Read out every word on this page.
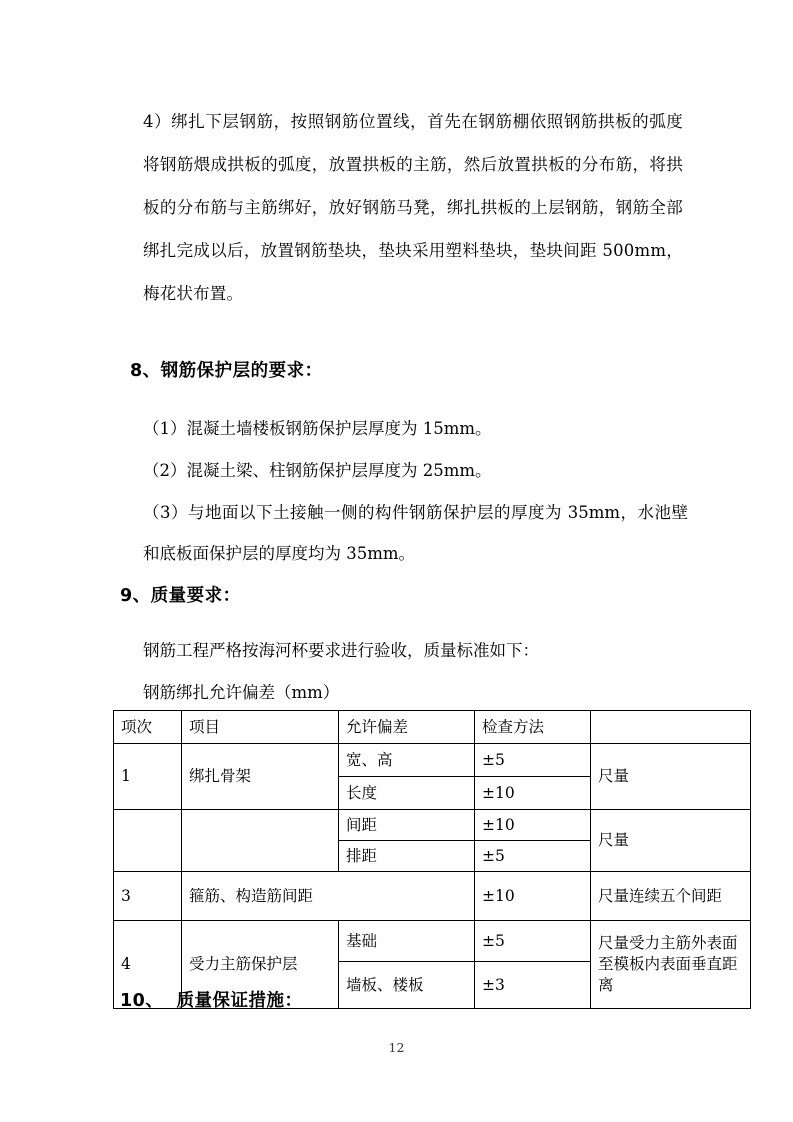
4）绑扎下层钢筋，按照钢筋位置线，首先在钢筋棚依照钢筋拱板的弧度将钢筋煨成拱板的弧度，放置拱板的主筋，然后放置拱板的分布筋，将拱板的分布筋与主筋绑好，放好钢筋马凳，绑扎拱板的上层钢筋，钢筋全部绑扎完成以后，放置钢筋垫块，垫块采用塑料垫块，垫块间距 500mm，梅花状布置。
8、钢筋保护层的要求：
（1）混凝土墙楼板钢筋保护层厚度为 15mm。
（2）混凝土梁、柱钢筋保护层厚度为 25mm。
（3）与地面以下土接触一侧的构件钢筋保护层的厚度为 35mm，水池壁和底板面保护层的厚度均为 35mm。
9、质量要求：
钢筋工程严格按海河杯要求进行验收，质量标准如下：
钢筋绑扎允许偏差（mm）
项次	项目	允许偏差	检查方法	
1	绑扎骨架	宽、高	±5	尺量
		长度	±10	
		间距	±10	尺量
		排距	±5	
3	箍筋、构造筋间距		±10	尺量连续五个间距
4	受力主筋保护层	基础	±5	尺量受力主筋外表面至模板内表面垂直距离
		墙板、楼板	±3	
10、  质量保证措施：
12
